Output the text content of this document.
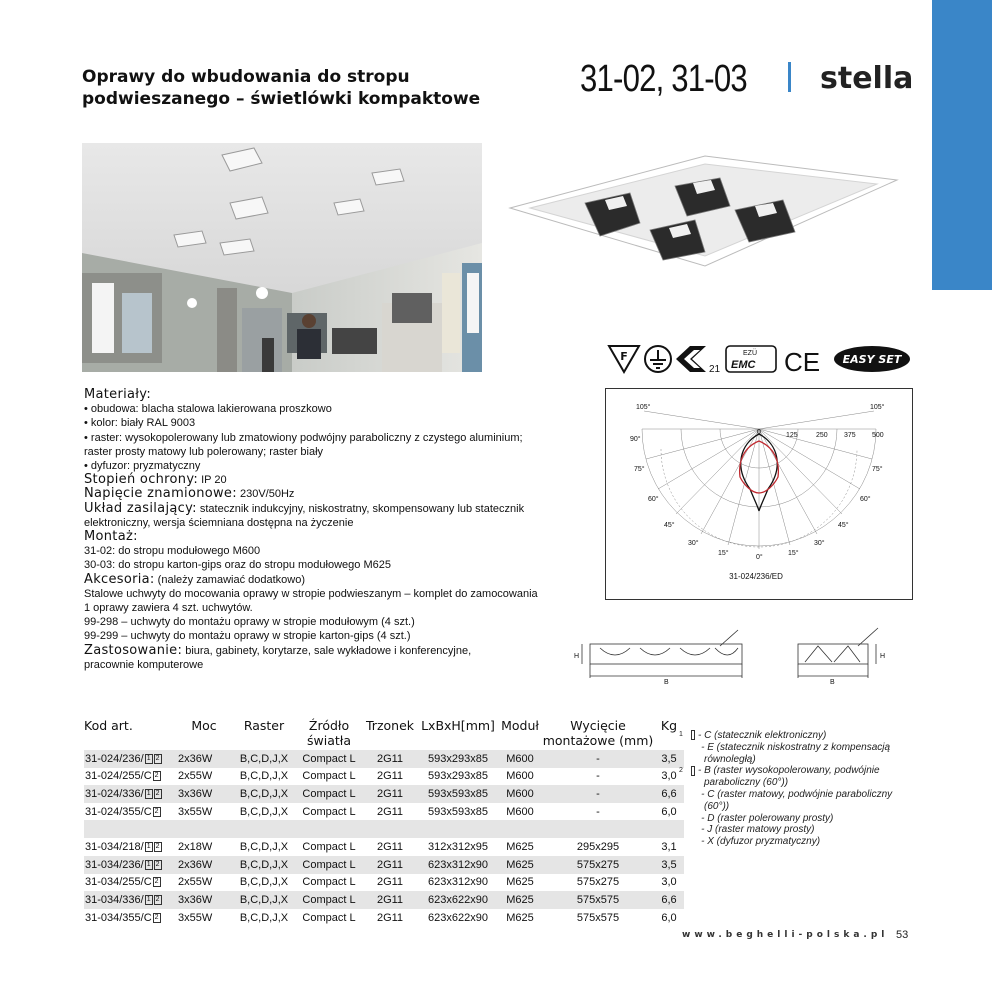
Oprawy do wbudowania do stropu
podwieszanego – świetlówki kompaktowe	31-02, 31-03 stella
F
21
EZÜ
EMC CE EASY SET
105°	105°
90°
75°	75°
60°	60°
45°	45°
30°	30°
15°	15°
0°
0	125	250 375 500
31-024/236/ED
H
B
H
B
Materiały:
• obudowa: blacha stalowa lakierowana proszkowo
• kolor: biały RAL 9003
• raster: wysokopolerowany lub zmatowiony podwójny paraboliczny z czystego aluminium;
raster prosty matowy lub polerowany; raster biały
• dyfuzor: pryzmatyczny
Stopień ochrony: IP 20
Napięcie znamionowe: 230V/50Hz
Układ zasilający: statecznik indukcyjny, niskostratny, skompensowany lub statecznik
elektroniczny, wersja ściemniana dostępna na życzenie
Montaż:
31-02: do stropu modułowego M600
30-03: do stropu karton-gips oraz do stropu modułowego M625
Akcesoria: (należy zamawiać dodatkowo)
Stalowe uchwyty do mocowania oprawy w stropie podwieszanym – komplet do zamocowania
1 oprawy zawiera 4 szt. uchwytów.
99-298 – uchwyty do montażu oprawy w stropie modułowym (4 szt.)
99-299 – uchwyty do montażu oprawy w stropie karton-gips (4 szt.)
Zastosowanie: biura, gabinety, korytarze, sale wykładowe i konferencyjne,
pracownie komputerowe
Kod art.	Moc	Raster	Źródło
światła	Trzonek	LxBxH[mm]	Moduł	Wycięcie
montażowe (mm)	Kg
31-024/236/ 1 2	2x36W	B,C,D,J,X	Compact L	2G11	593x293x85	M600	-	3,5
31-024/255/C 2	2x55W	B,C,D,J,X	Compact L	2G11	593x293x85	M600	-	3,0
31-024/336/ 1 2	3x36W	B,C,D,J,X	Compact L	2G11	593x593x85	M600	-	6,6
31-024/355/C 2	3x55W	B,C,D,J,X	Compact L	2G11	593x593x85	M600	-	6,0

31-034/218/ 1 2	2x18W	B,C,D,J,X	Compact L	2G11	312x312x95	M625	295x295	3,1
31-034/236/ 1 2	2x36W	B,C,D,J,X	Compact L	2G11	623x312x90	M625	575x275	3,5
31-034/255/C 2	2x55W	B,C,D,J,X	Compact L	2G11	623x312x90	M625	575x275	3,0
31-034/336/ 1 2	3x36W	B,C,D,J,X	Compact L	2G11	623x622x90	M625	575x575	6,6
31-034/355/C 2	3x55W	B,C,D,J,X	Compact L	2G11	623x622x90	M625	575x575	6,0
1 - C (statecznik elektroniczny)
- E (statecznik niskostratny z kompensacją równoległą)
2 - B (raster wysokopolerowany, podwójnie paraboliczny (60°))
- C (raster matowy, podwójnie paraboliczny (60°))
- D (raster polerowany prosty)
- J (raster matowy prosty)
- X (dyfuzor pryzmatyczny)
www.beghelli-polska.pl 53
